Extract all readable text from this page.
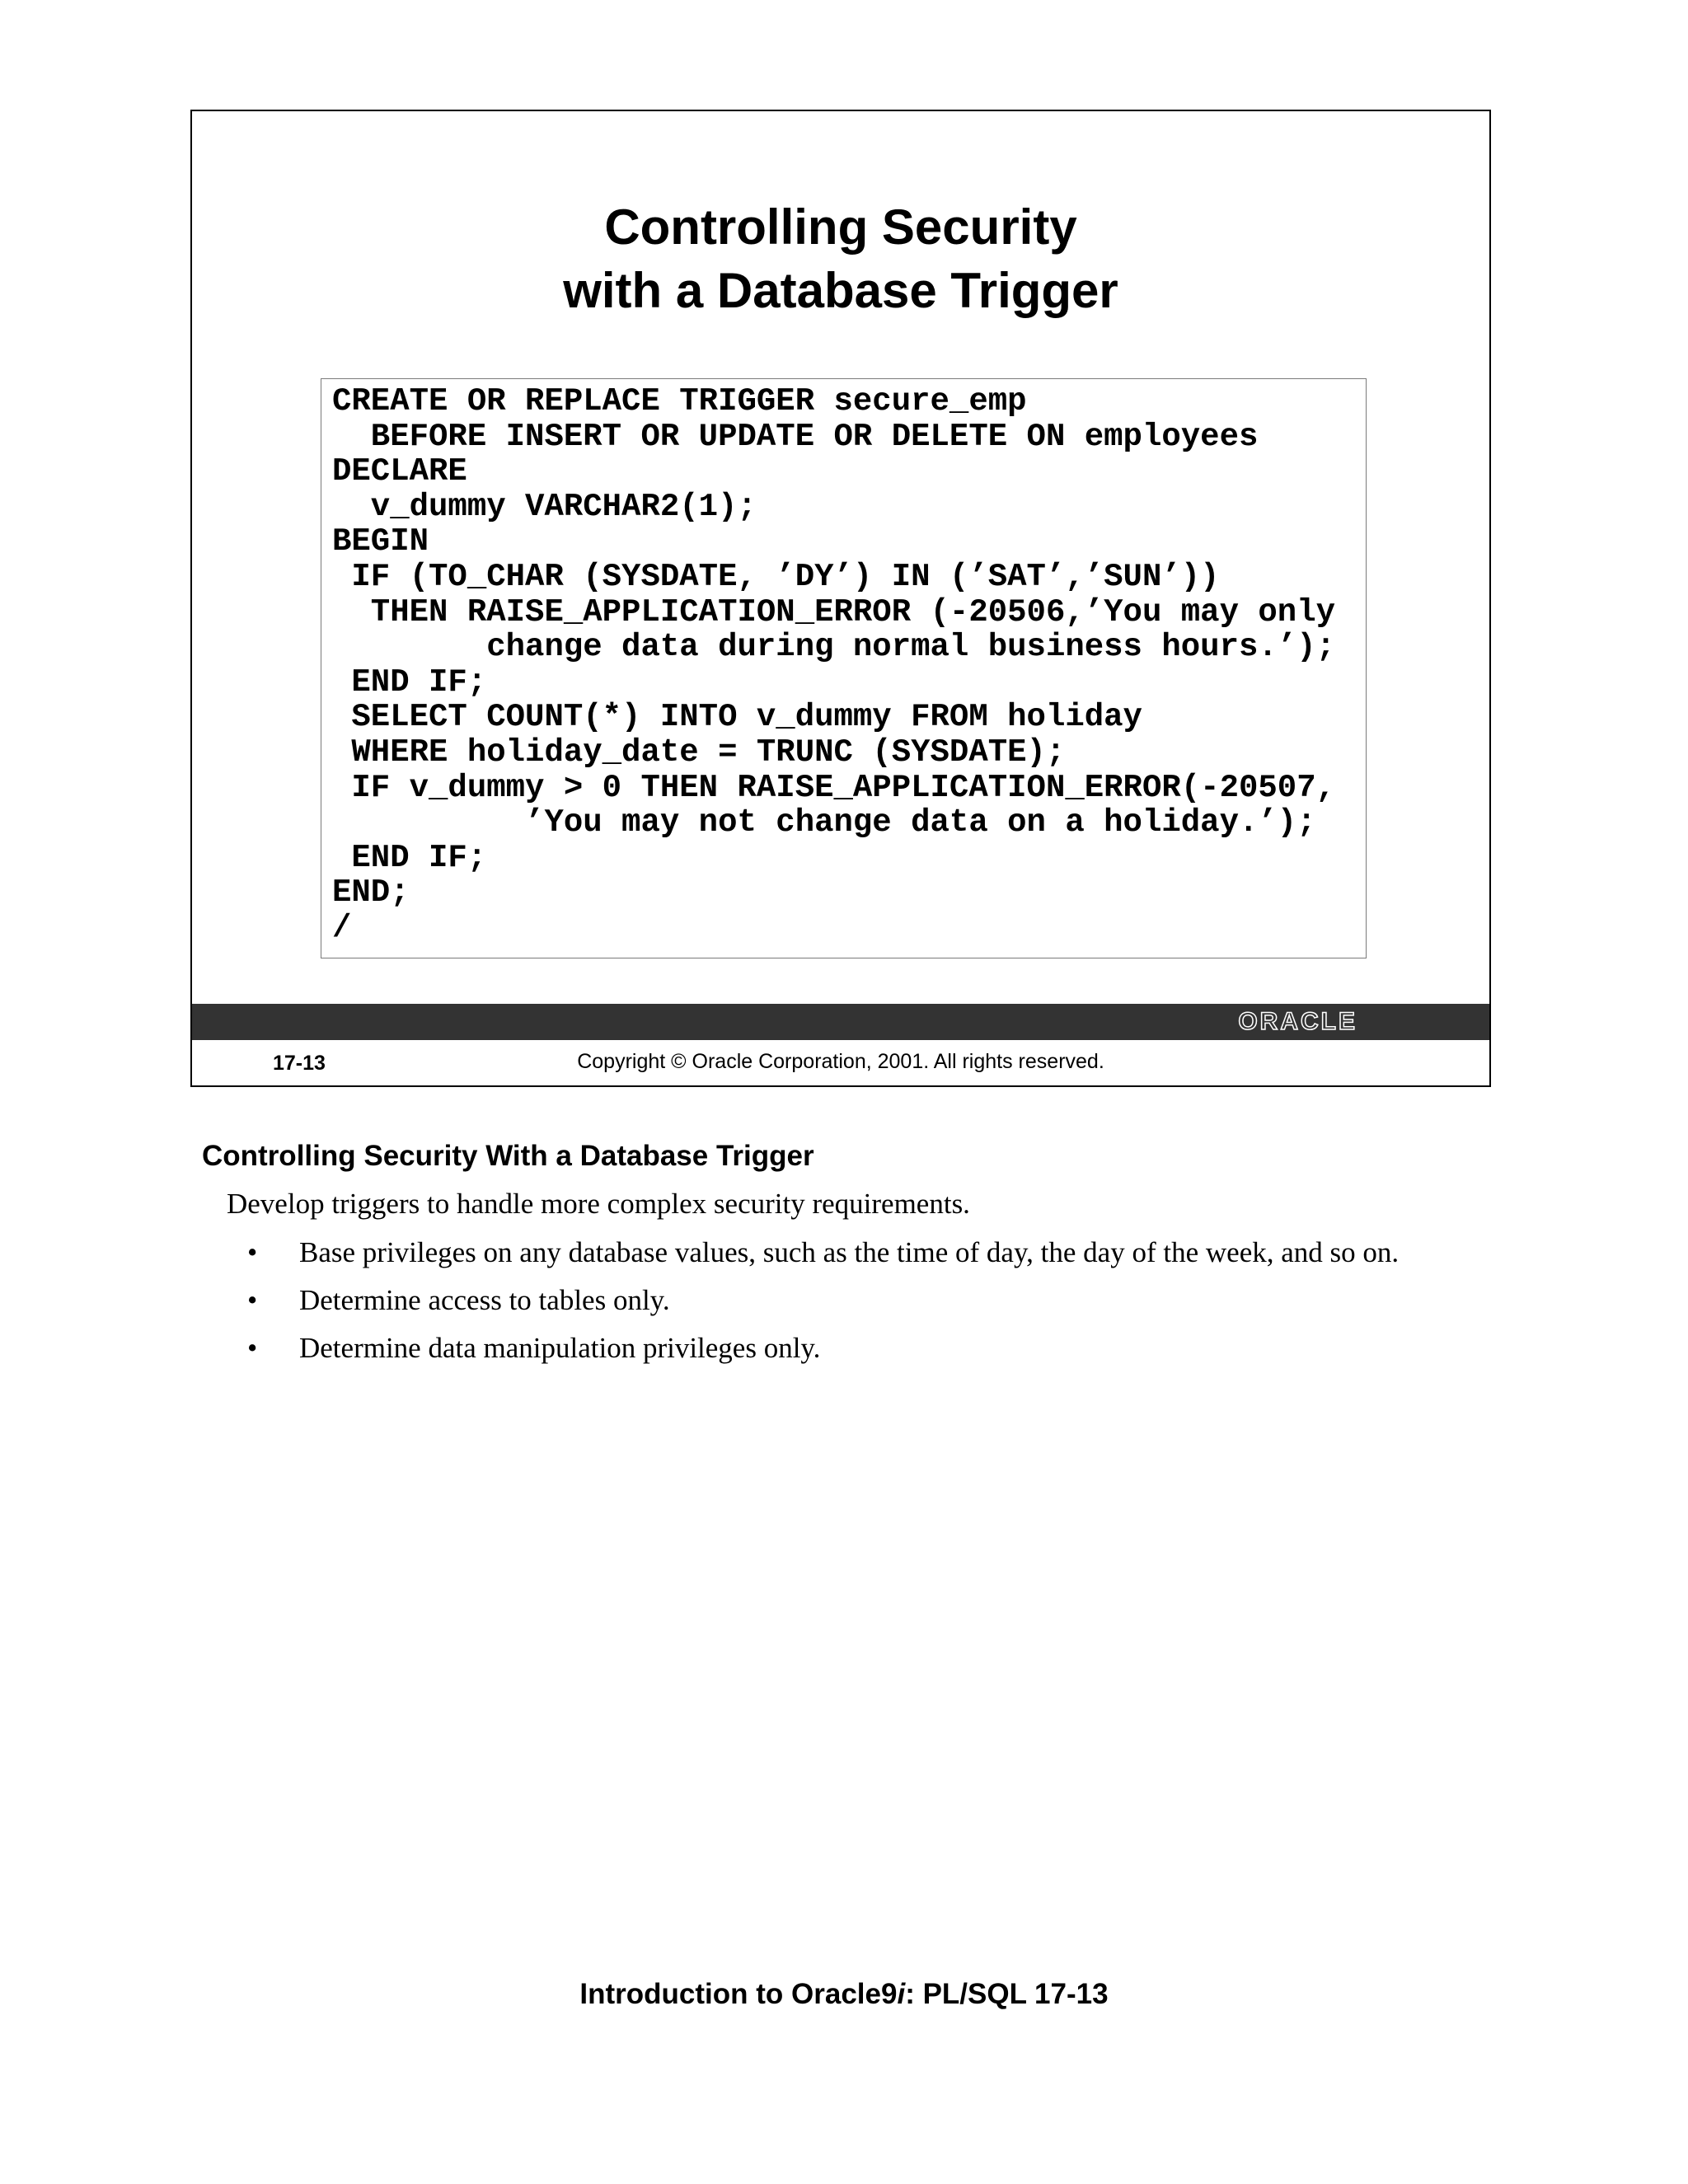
Controlling Security
with a Database Trigger
CREATE OR REPLACE TRIGGER secure_emp
BEFORE INSERT OR UPDATE OR DELETE ON employees
DECLARE
v_dummy VARCHAR2(1);
BEGIN
IF (TO_CHAR (SYSDATE, ’DY’) IN (’SAT’,’SUN’))
THEN RAISE_APPLICATION_ERROR (-20506,’You may only
change data during normal business hours.’);
END IF;
SELECT COUNT(*) INTO v_dummy FROM holiday
WHERE holiday_date = TRUNC (SYSDATE);
IF v_dummy > 0 THEN RAISE_APPLICATION_ERROR(-20507,
’You may not change data on a holiday.’);
END IF;
END;
/
ORACLE
17-13	Copyright © Oracle Corporation, 2001. All rights reserved.
Controlling Security With a Database Trigger
Develop triggers to handle more complex security requirements.
• Base privileges on any database values, such as the time of day, the day of the week, and so on.
• Determine access to tables only.
• Determine data manipulation privileges only.
Introduction to Oracle9i: PL/SQL 17-13
